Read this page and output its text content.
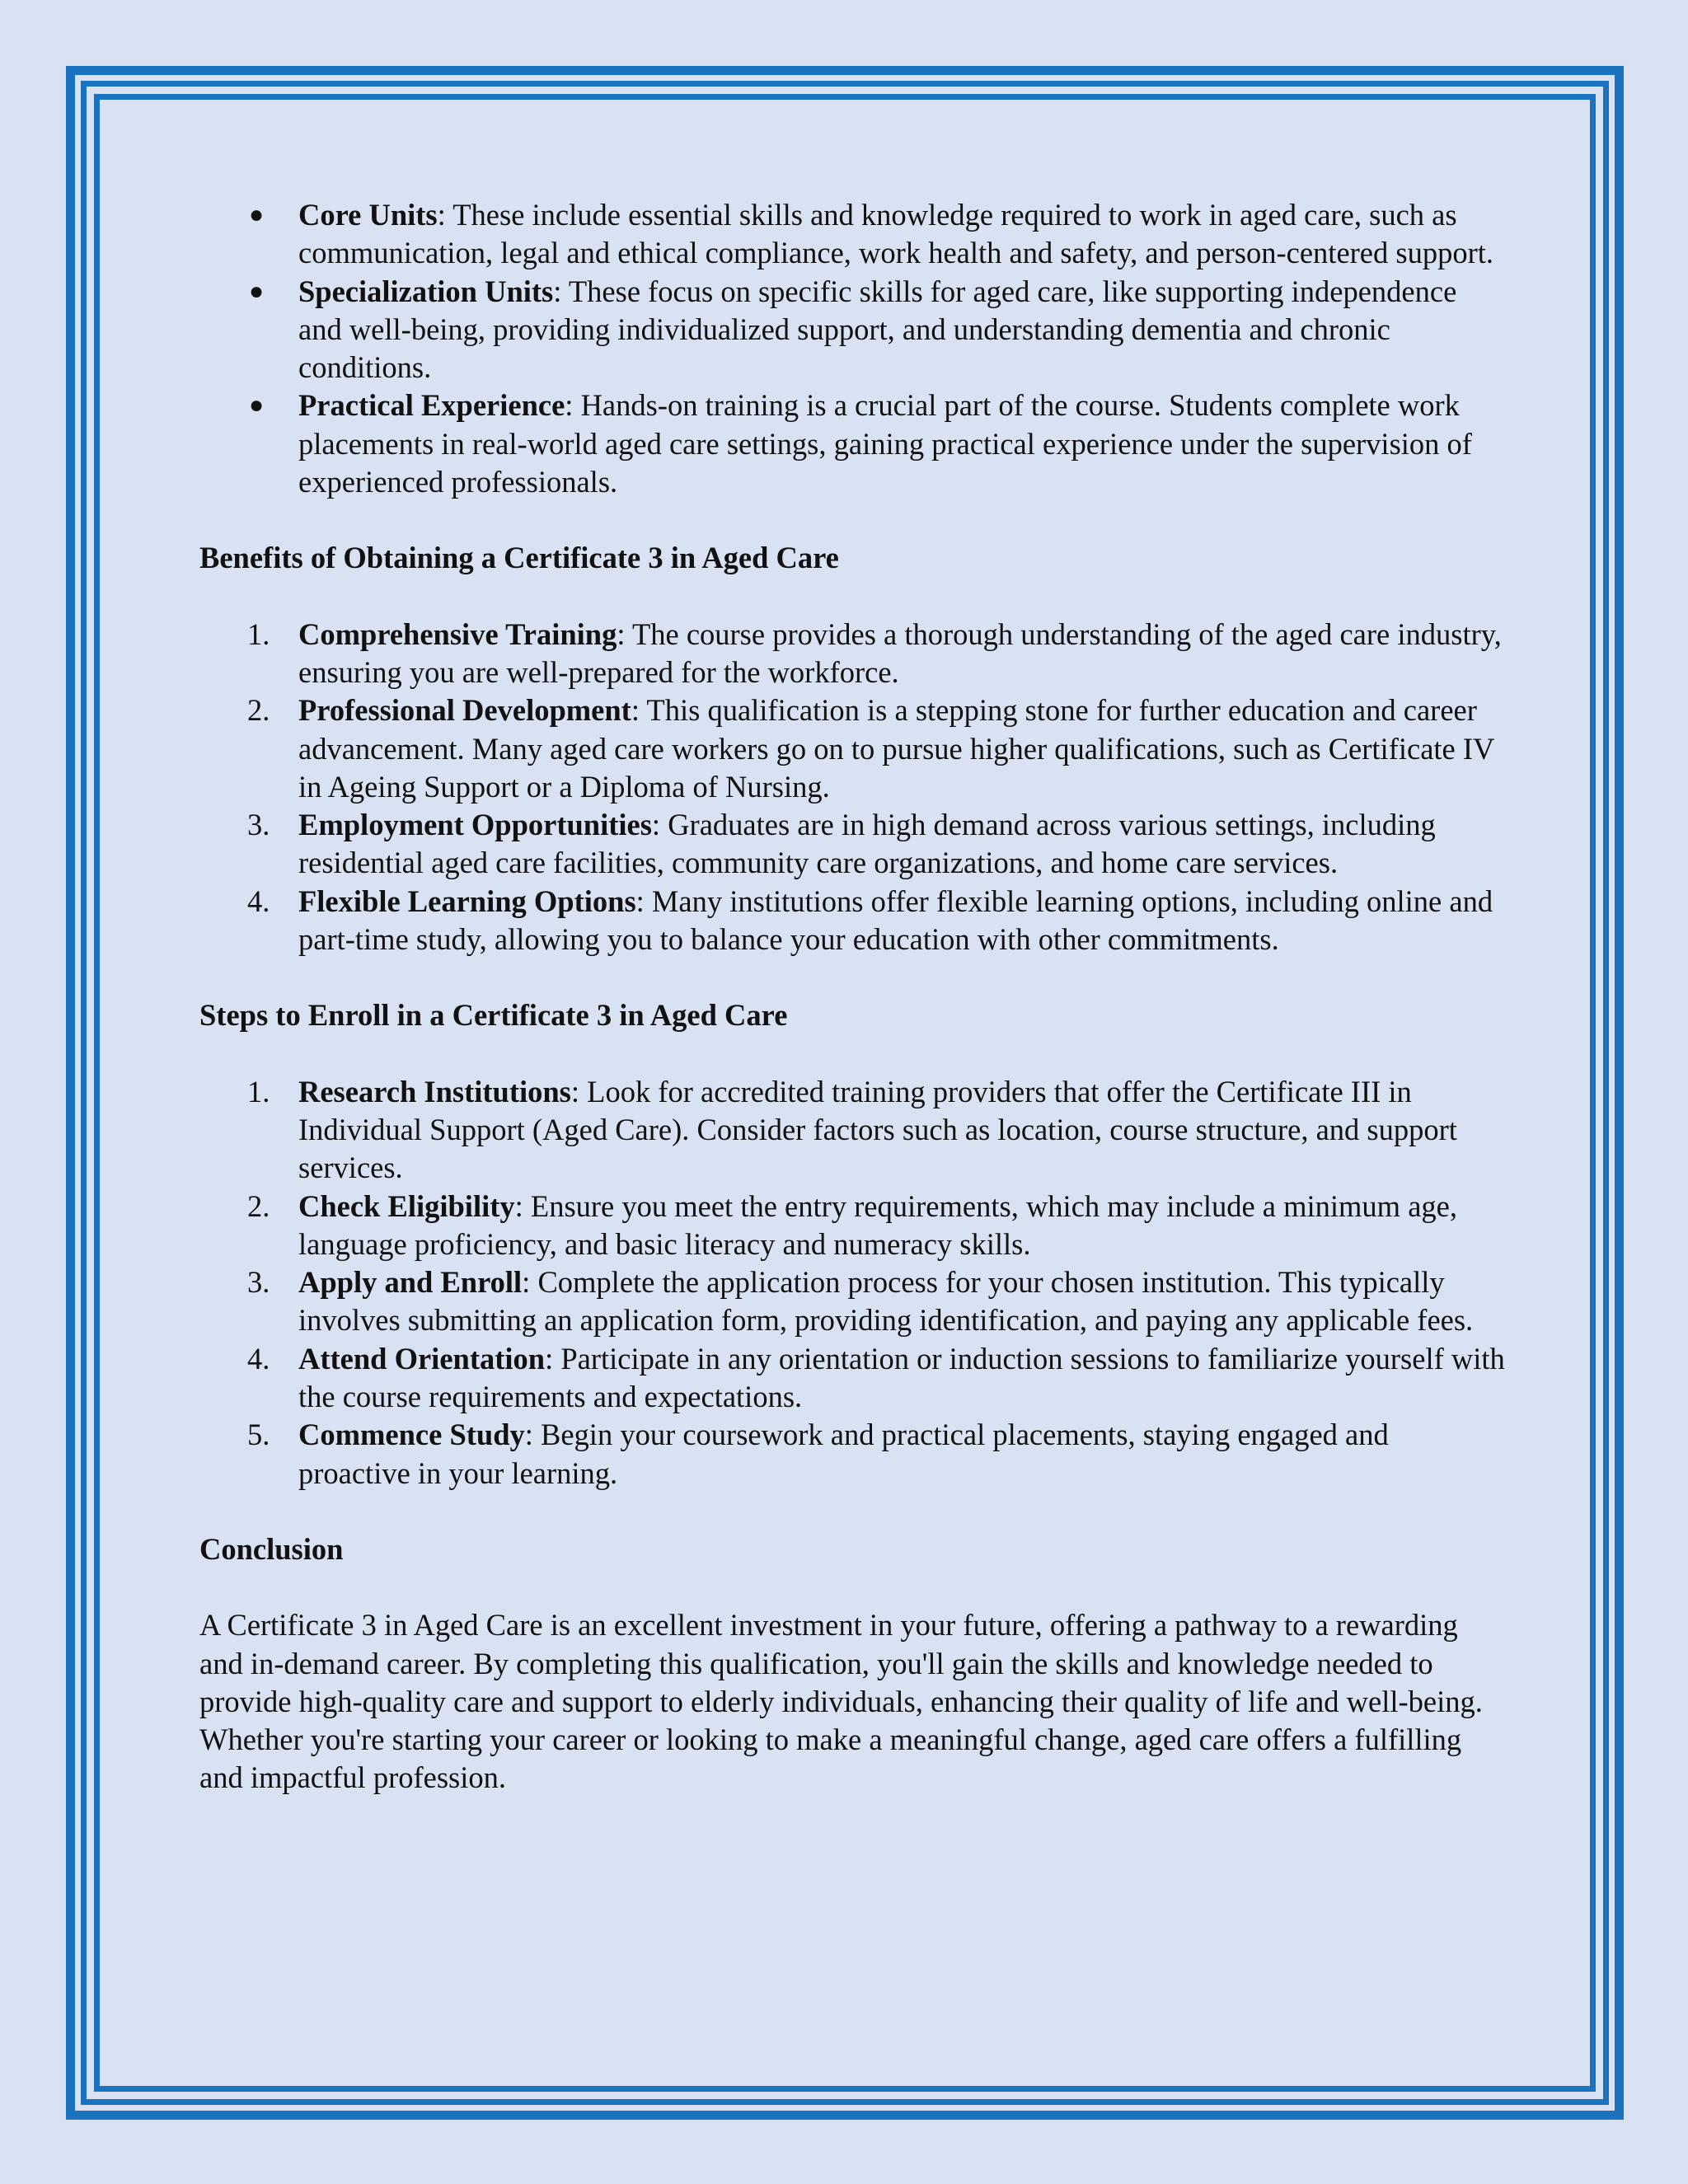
● Core Units: These include essential skills and knowledge required to work in aged care, such as communication, legal and ethical compliance, work health and safety, and person-centered support.
● Specialization Units: These focus on specific skills for aged care, like supporting independence and well-being, providing individualized support, and understanding dementia and chronic conditions.
● Practical Experience: Hands-on training is a crucial part of the course. Students complete work placements in real-world aged care settings, gaining practical experience under the supervision of experienced professionals.
Benefits of Obtaining a Certificate 3 in Aged Care
1. Comprehensive Training: The course provides a thorough understanding of the aged care industry, ensuring you are well-prepared for the workforce.
2. Professional Development: This qualification is a stepping stone for further education and career advancement. Many aged care workers go on to pursue higher qualifications, such as Certificate IV in Ageing Support or a Diploma of Nursing.
3. Employment Opportunities: Graduates are in high demand across various settings, including residential aged care facilities, community care organizations, and home care services.
4. Flexible Learning Options: Many institutions offer flexible learning options, including online and part-time study, allowing you to balance your education with other commitments.
Steps to Enroll in a Certificate 3 in Aged Care
1. Research Institutions: Look for accredited training providers that offer the Certificate III in Individual Support (Aged Care). Consider factors such as location, course structure, and support services.
2. Check Eligibility: Ensure you meet the entry requirements, which may include a minimum age, language proficiency, and basic literacy and numeracy skills.
3. Apply and Enroll: Complete the application process for your chosen institution. This typically involves submitting an application form, providing identification, and paying any applicable fees.
4. Attend Orientation: Participate in any orientation or induction sessions to familiarize yourself with the course requirements and expectations.
5. Commence Study: Begin your coursework and practical placements, staying engaged and proactive in your learning.
Conclusion

A Certificate 3 in Aged Care is an excellent investment in your future, offering a pathway to a rewarding and in-demand career. By completing this qualification, you'll gain the skills and knowledge needed to provide high-quality care and support to elderly individuals, enhancing their quality of life and well-being. Whether you're starting your career or looking to make a meaningful change, aged care offers a fulfilling and impactful profession.
